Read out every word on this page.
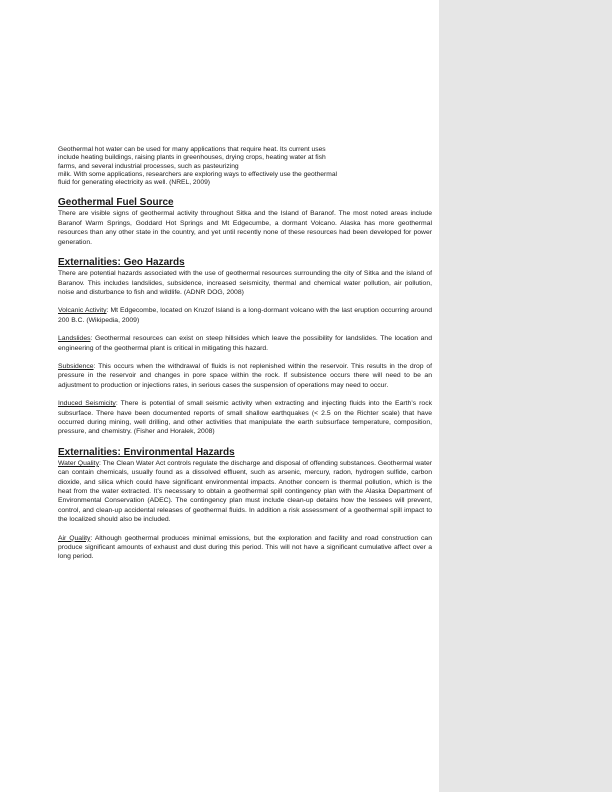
Geothermal hot water can be used for many applications that require heat. Its current uses
include heating buildings, raising plants in greenhouses, drying crops, heating water at fish
farms, and several industrial processes, such as pasteurizing
milk. With some applications, researchers are exploring ways to effectively use the geothermal
fluid for generating electricity as well. (NREL, 2009)

Geothermal Fuel Source

There are visible signs of geothermal activity throughout Sitka and the Island of Baranof. The most noted areas include Baranof Warm Springs, Goddard Hot Springs and Mt Edgecumbe, a dormant Volcano. Alaska has more geothermal resources than any other state in the country, and yet until recently none of these resources had been developed for power generation.

Externalities: Geo Hazards

There are potential hazards associated with the use of geothermal resources surrounding the city of Sitka and the island of Baranov. This includes landslides, subsidence, increased seismicity, thermal and chemical water pollution, air pollution, noise and disturbance to fish and wildlife. (ADNR DOG, 2008)

Volcanic Activity: Mt Edgecombe, located on Kruzof Island is a long-dormant volcano with the last eruption occurring around 200 B.C. (Wikipedia, 2009)

Landslides: Geothermal resources can exist on steep hillsides which leave the possibility for landslides. The location and engineering of the geothermal plant is critical in mitigating this hazard.

Subsidence: This occurs when the withdrawal of fluids is not replenished within the reservoir. This results in the drop of pressure in the reservoir and changes in pore space within the rock. If subsistence occurs there will need to be an adjustment to production or injections rates, in serious cases the suspension of operations may need to occur.

Induced Seismicity: There is potential of small seismic activity when extracting and injecting fluids into the Earth’s rock subsurface. There have been documented reports of small shallow earthquakes (< 2.5 on the Richter scale) that have occurred during mining, well drilling, and other activities that manipulate the earth subsurface temperature, composition, pressure, and chemistry. (Fisher and Horalek, 2008)

Externalities: Environmental Hazards

Water Quality: The Clean Water Act controls regulate the discharge and disposal of offending substances. Geothermal water can contain chemicals, usually found as a dissolved effluent, such as arsenic, mercury, radon, hydrogen sulfide, carbon dioxide, and silica which could have significant environmental impacts. Another concern is thermal pollution, which is the heat from the water extracted. It’s necessary to obtain a geothermal spill contingency plan with the Alaska Department of Environmental Conservation (ADEC). The contingency plan must include clean-up detains how the lessees will prevent, control, and clean-up accidental releases of geothermal fluids. In addition a risk assessment of a geothermal spill impact to the localized should also be included.

Air Quality: Although geothermal produces minimal emissions, but the exploration and facility and road construction can produce significant amounts of exhaust and dust during this period. This will not have a significant cumulative affect over a long period.
